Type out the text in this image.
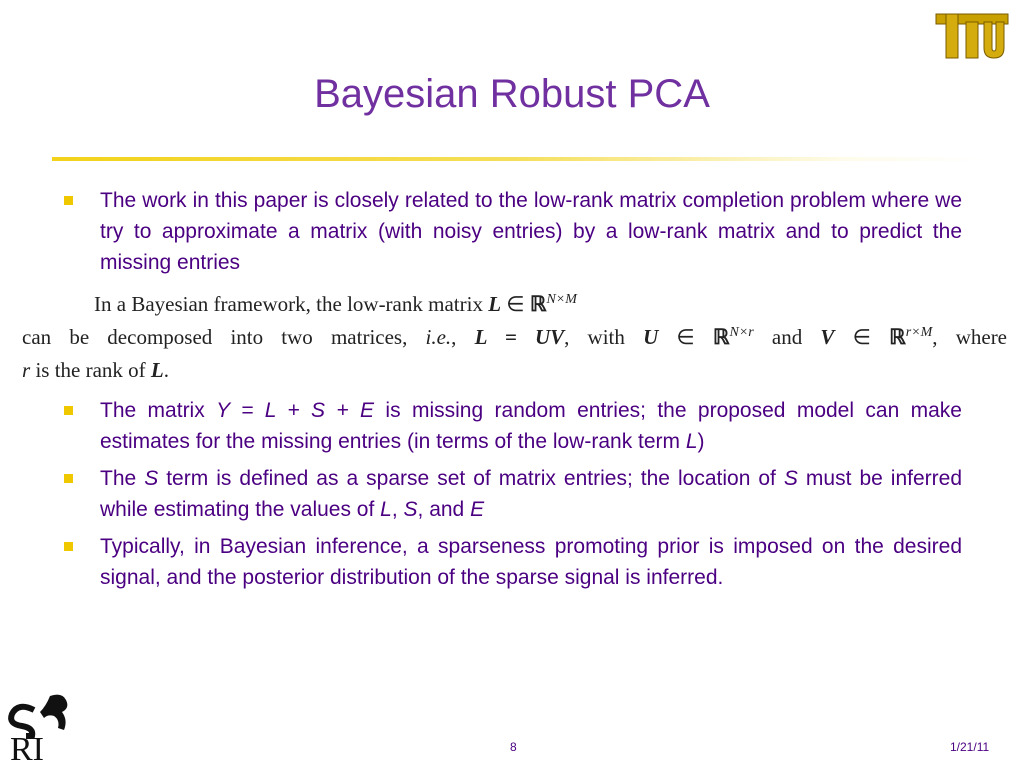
TTU
Bayesian Robust PCA
The work in this paper is closely related to the low-rank matrix completion problem where we try to approximate a matrix (with noisy entries) by a low-rank matrix and to predict the missing entries
In a Bayesian framework, the low-rank matrix L ∈ ℝ$^{N\times M}$
can be decomposed into two matrices, i.e., L = UV, with U ∈ ℝ$^{N\times r}$ and V ∈ ℝ$^{r\times M}$, where
r is the rank of L.
The matrix Y = L + S + E is missing random entries; the proposed model can make estimates for the missing entries (in terms of the low-rank term L)
The S term is defined as a sparse set of matrix entries; the location of S must be inferred while estimating the values of L, S, and E
Typically, in Bayesian inference, a sparseness promoting prior is imposed on the desired signal, and the posterior distribution of the sparse signal is inferred.
RI	8	1/21/11
